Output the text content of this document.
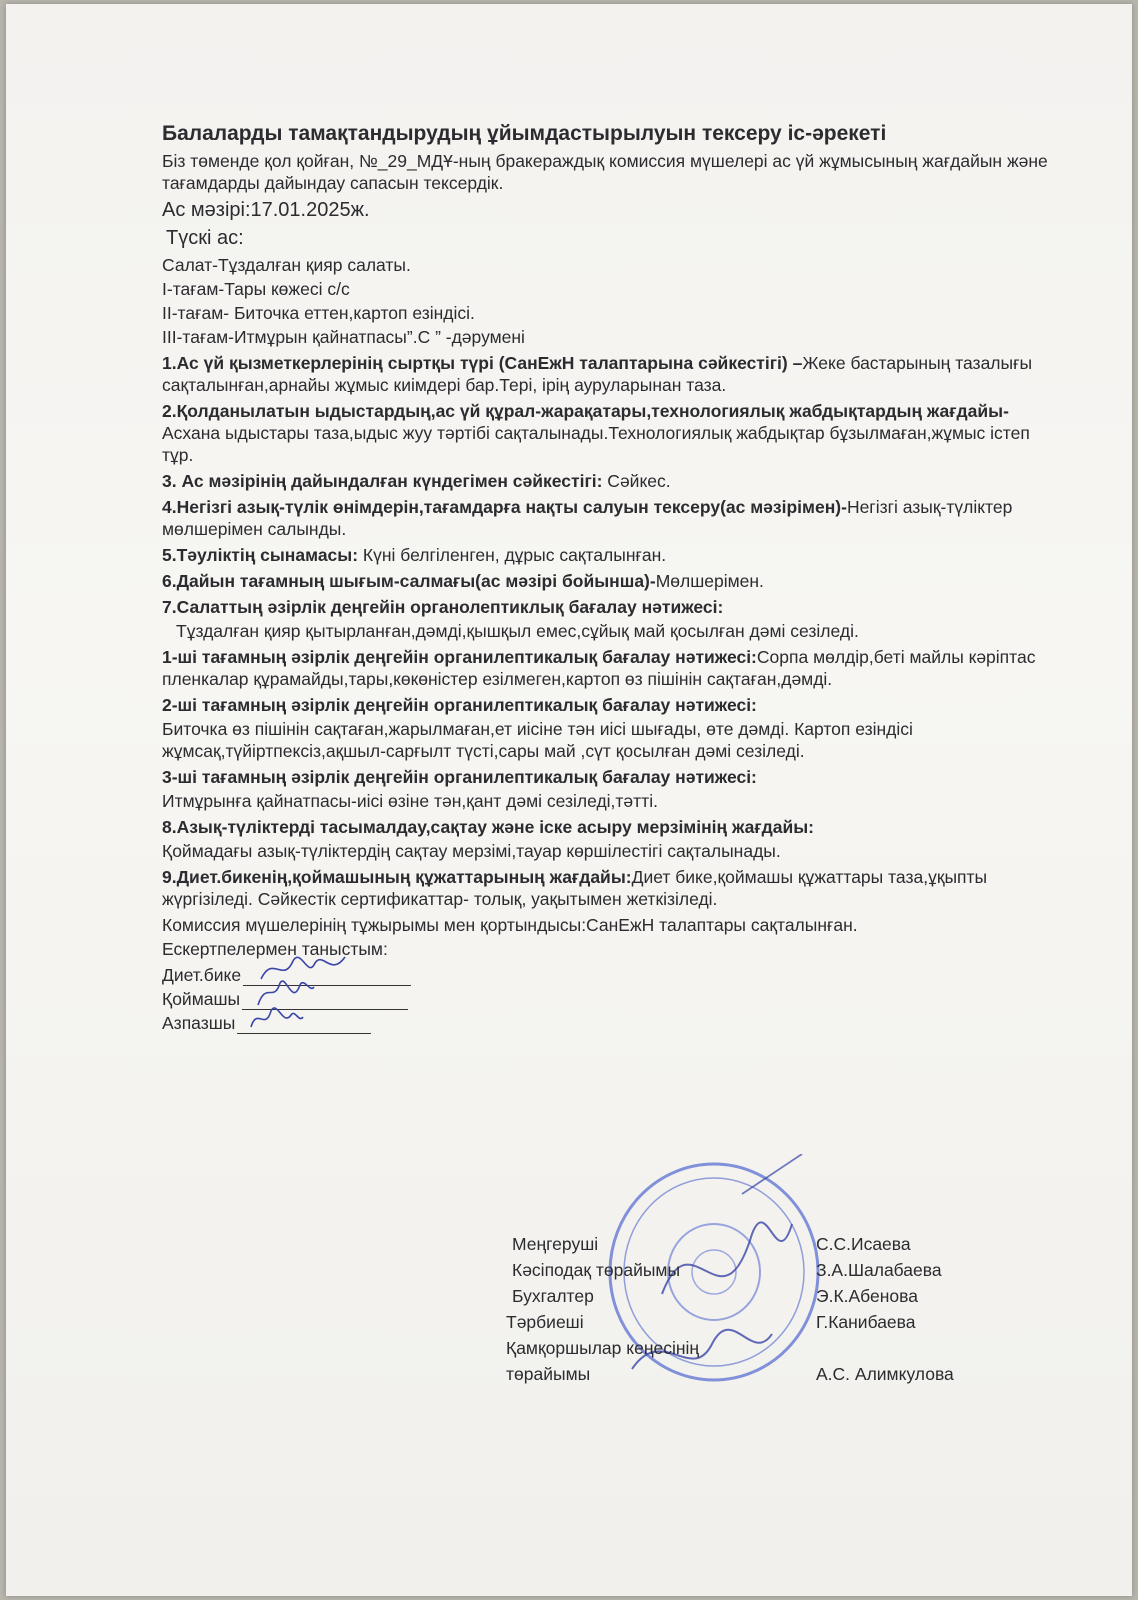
Балаларды тамақтандырудың ұйымдастырылуын тексеру іс-әрекеті
Біз төменде қол қойған, №_29_МДҰ-ның бракераждық комиссия мүшелері ас үй жұмысының жағдайын және тағамдарды дайындау сапасын тексердік.
Ас мәзірі:17.01.2025ж.
Түскі ас:
Салат-Тұздалған қияр салаты.
I-тағам-Тары көжесі с/с
II-тағам- Биточка еттен,картоп езіндісі.
III-тағам-Итмұрын қайнатпасы”.С ” -дәрумені
1.Ас үй қызметкерлерінің сыртқы түрі (СанЕжН талаптарына сәйкестігі) –Жеке бастарының тазалығы сақталынған,арнайы жұмыс киімдері бар.Тері, ірің ауруларынан таза.
2.Қолданылатын ыдыстардың,ас үй құрал-жарақатары,технологиялық жабдықтардың жағдайы-Асхана ыдыстары таза,ыдыс жуу тәртібі сақталынады.Технологиялық жабдықтар бұзылмаған,жұмыс істеп тұр.
3. Ас мәзірінің дайындалған күндегімен сәйкестігі: Сәйкес.
4.Негізгі азық-түлік өнімдерін,тағамдарға нақты салуын тексеру(ас мәзірімен)-Негізгі азық-түліктер мөлшерімен салынды.
5.Тәуліктің сынамасы: Күні белгіленген, дұрыс сақталынған.
6.Дайын тағамның шығым-салмағы(ас мәзірі бойынша)-Мөлшерімен.
7.Салаттың әзірлік деңгейін органолептиклық бағалау нәтижесі:
Тұздалған қияр қытырланған,дәмді,қышқыл емес,сұйық май қосылған дәмі сезіледі.
1-ші тағамның әзірлік деңгейін органилептикалық бағалау нәтижесі:Сорпа мөлдір,беті майлы кәріптас пленкалар құрамайды,тары,көкөністер езілмеген,картоп өз пішінін сақтаған,дәмді.
2-ші тағамның әзірлік деңгейін органилептикалық бағалау нәтижесі:
Биточка өз пішінін сақтаған,жарылмаған,ет иісіне тән иісі шығады, өте дәмді. Картоп езіндісі жұмсақ,түйіртпексіз,ақшыл-сарғылт түсті,сары май ,сүт қосылған дәмі сезіледі.
3-ші тағамның әзірлік деңгейін органилептикалық бағалау нәтижесі:
Итмұрынға қайнатпасы-иісі өзіне тән,қант дәмі сезіледі,тәтті.
8.Азық-түліктерді тасымалдау,сақтау және іске асыру мерзімінің жағдайы:
Қоймадағы азық-түліктердің сақтау мерзімі,тауар көршілестігі сақталынады.
9.Диет.бикенің,қоймашының құжаттарының жағдайы:Диет бике,қоймашы құжаттары таза,ұқыпты жүргізіледі. Сәйкестік сертификаттар- толық, уақытымен жеткізіледі.
Комиссия мүшелерінің тұжырымы мен қортындысы:СанЕжН талаптары сақталынған.
Ескертпелермен таныстым:
Диет.бике
Қоймашы
Азпазшы
Меңгеруші	С.С.Исаева
Кәсіподақ төрайымы	З.А.Шалабаева
Бухгалтер	Э.К.Абенова
Тәрбиеші	Г.Канибаева
Қамқоршылар кеңесінің
төрайымы	А.С. Алимкулова
